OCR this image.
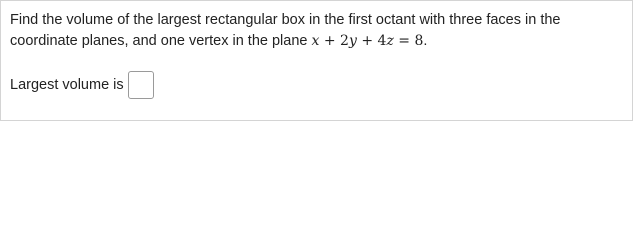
Find the volume of the largest rectangular box in the first octant with three faces in the
coordinate planes, and one vertex in the plane x + 2y + 4z = 8.
Largest volume is
